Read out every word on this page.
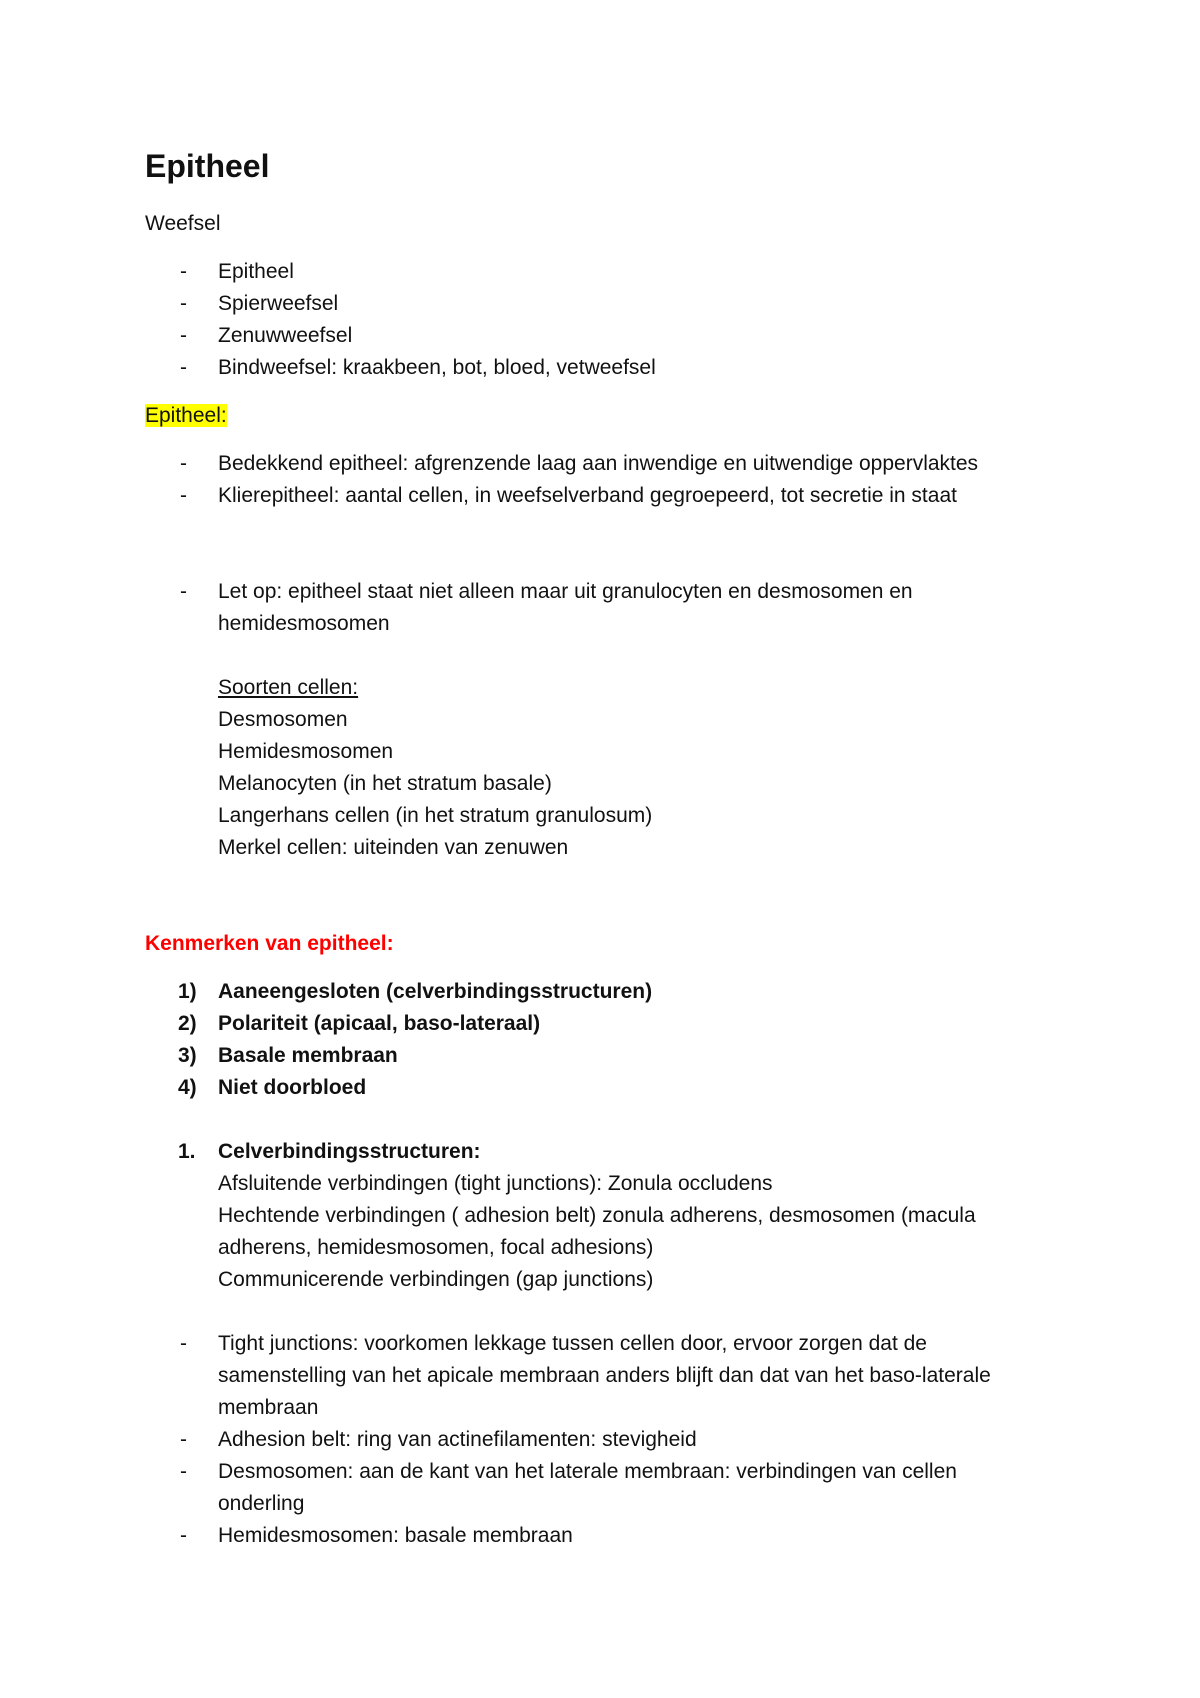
Epitheel
Weefsel
- Epitheel
- Spierweefsel
- Zenuwweefsel
- Bindweefsel: kraakbeen, bot, bloed, vetweefsel
Epitheel:
- Bedekkend epitheel: afgrenzende laag aan inwendige en uitwendige oppervlaktes
- Klierepitheel: aantal cellen, in weefselverband gegroepeerd, tot secretie in staat
- Let op: epitheel staat niet alleen maar uit granulocyten en desmosomen en
hemidesmosomen
Soorten cellen:
Desmosomen
Hemidesmosomen
Melanocyten (in het stratum basale)
Langerhans cellen (in het stratum granulosum)
Merkel cellen: uiteinden van zenuwen
Kenmerken van epitheel:
1) Aaneengesloten (celverbindingsstructuren)
2) Polariteit (apicaal, baso-lateraal)
3) Basale membraan
4) Niet doorbloed
1. Celverbindingsstructuren:
Afsluitende verbindingen (tight junctions): Zonula occludens
Hechtende verbindingen ( adhesion belt) zonula adherens, desmosomen (macula
adherens, hemidesmosomen, focal adhesions)
Communicerende verbindingen (gap junctions)
- Tight junctions: voorkomen lekkage tussen cellen door, ervoor zorgen dat de
samenstelling van het apicale membraan anders blijft dan dat van het baso-laterale
membraan
- Adhesion belt: ring van actinefilamenten: stevigheid
- Desmosomen: aan de kant van het laterale membraan: verbindingen van cellen
onderling
- Hemidesmosomen: basale membraan
